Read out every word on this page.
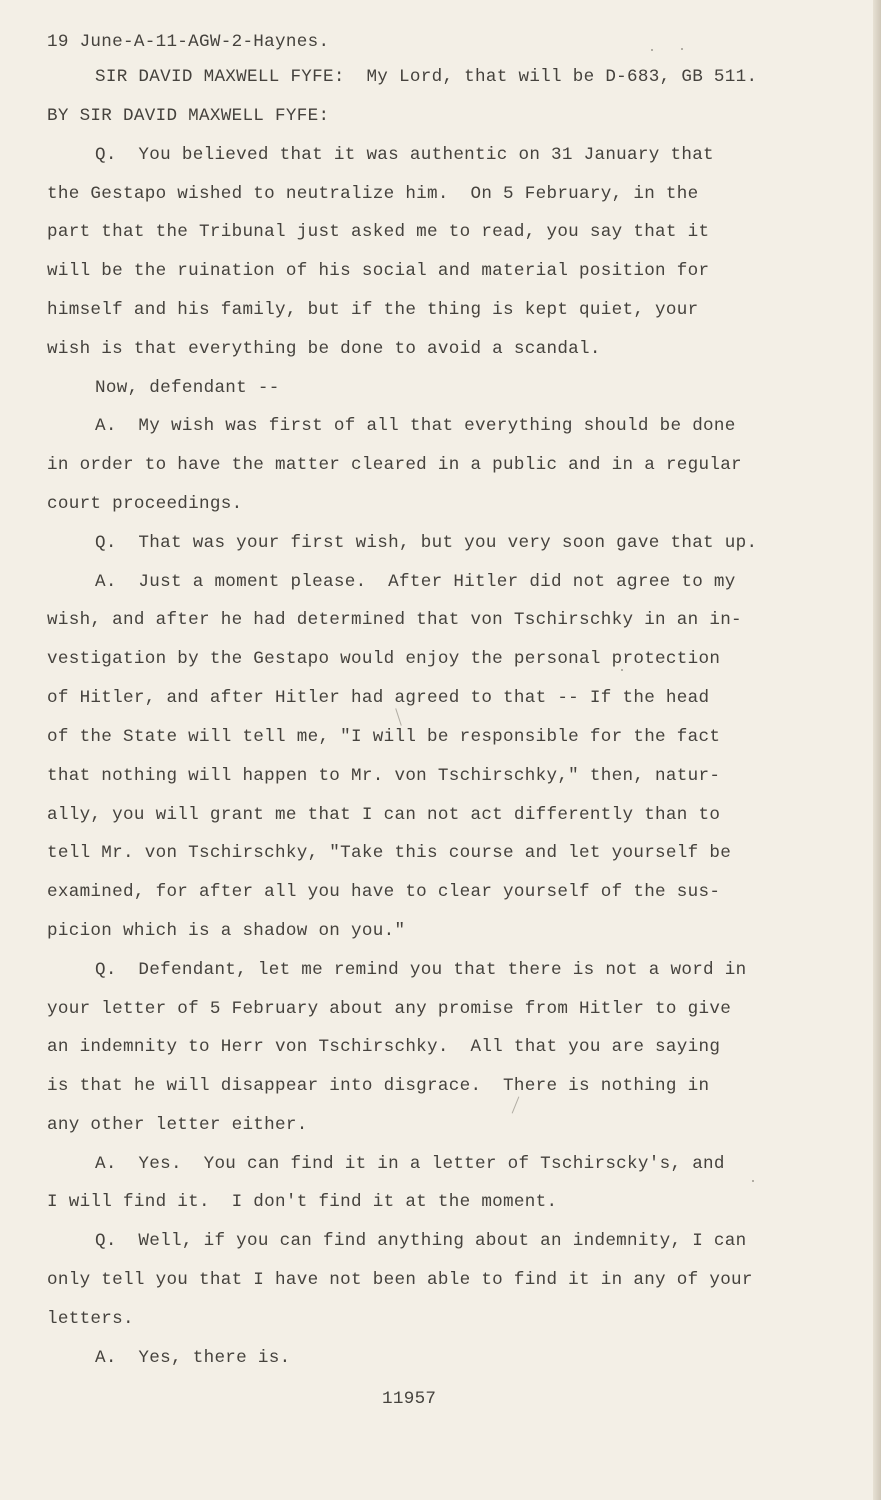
19 June-A-11-AGW-2-Haynes.
SIR DAVID MAXWELL FYFE:  My Lord, that will be D-683, GB 511.
BY SIR DAVID MAXWELL FYFE:
Q.  You believed that it was authentic on 31 January that
the Gestapo wished to neutralize him.  On 5 February, in the
part that the Tribunal just asked me to read, you say that it
will be the ruination of his social and material position for
himself and his family, but if the thing is kept quiet, your
wish is that everything be done to avoid a scandal.
Now, defendant --
A.  My wish was first of all that everything should be done
in order to have the matter cleared in a public and in a regular
court proceedings.
Q.  That was your first wish, but you very soon gave that up.
A.  Just a moment please.  After Hitler did not agree to my
wish, and after he had determined that von Tschirschky in an in-
vestigation by the Gestapo would enjoy the personal protection
of Hitler, and after Hitler had agreed to that -- If the head
of the State will tell me, "I will be responsible for the fact
that nothing will happen to Mr. von Tschirschky," then, natur-
ally, you will grant me that I can not act differently than to
tell Mr. von Tschirschky, "Take this course and let yourself be
examined, for after all you have to clear yourself of the sus-
picion which is a shadow on you."
Q.  Defendant, let me remind you that there is not a word in
your letter of 5 February about any promise from Hitler to give
an indemnity to Herr von Tschirschky.  All that you are saying
is that he will disappear into disgrace.  There is nothing in
any other letter either.
A.  Yes.  You can find it in a letter of Tschirscky's, and
I will find it.  I don't find it at the moment.
Q.  Well, if you can find anything about an indemnity, I can
only tell you that I have not been able to find it in any of your
letters.
A.  Yes, there is.
11957
